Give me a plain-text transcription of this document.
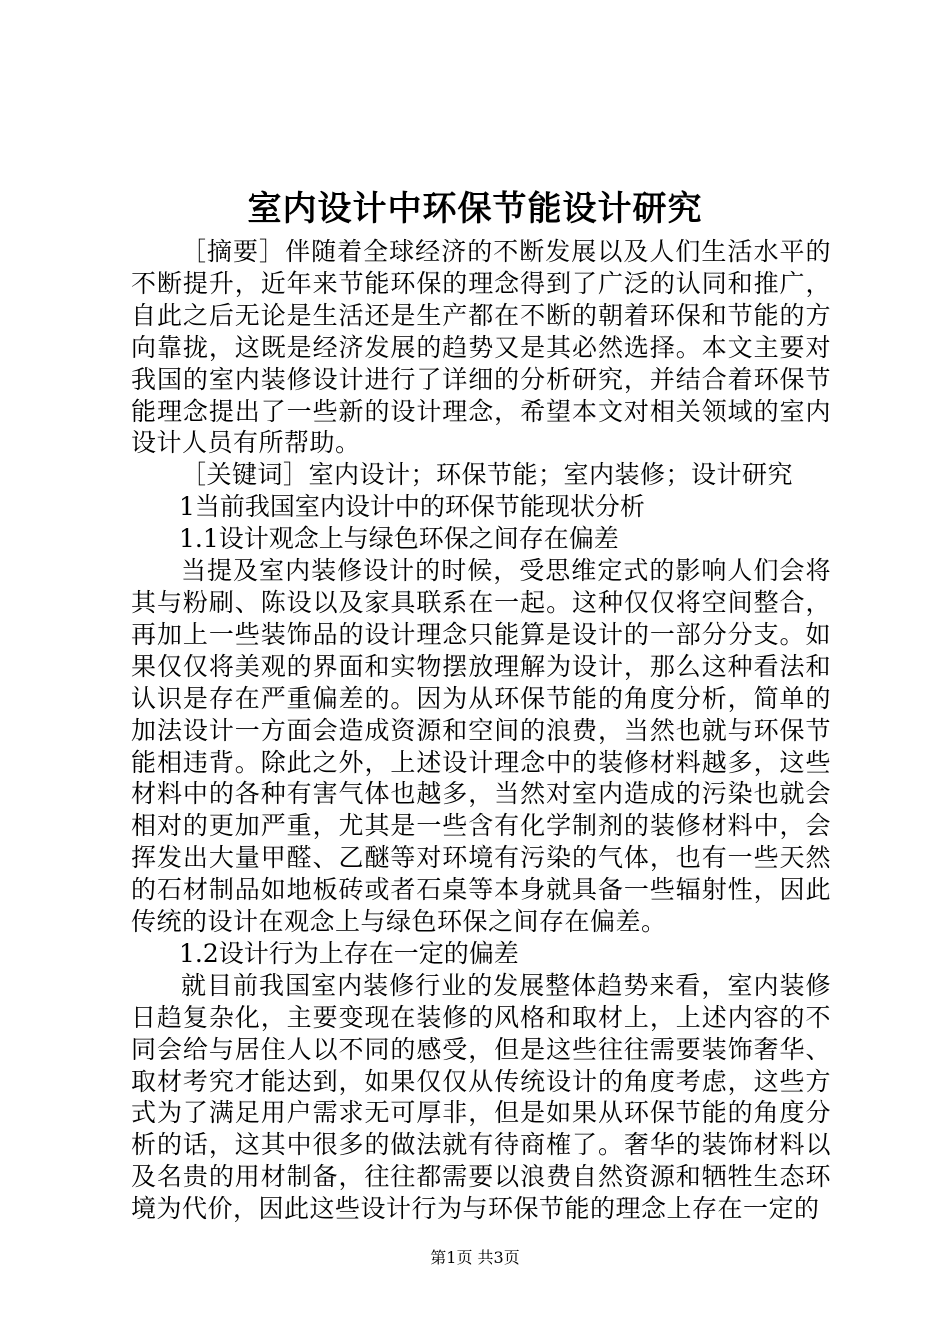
室内设计中环保节能设计研究

［摘要］伴随着全球经济的不断发展以及人们生活水平的不断提升，近年来节能环保的理念得到了广泛的认同和推广，自此之后无论是生活还是生产都在不断的朝着环保和节能的方向靠拢，这既是经济发展的趋势又是其必然选择。本文主要对我国的室内装修设计进行了详细的分析研究，并结合着环保节能理念提出了一些新的设计理念，希望本文对相关领域的室内设计人员有所帮助。

［关键词］室内设计；环保节能；室内装修；设计研究

1当前我国室内设计中的环保节能现状分析

1.1设计观念上与绿色环保之间存在偏差

当提及室内装修设计的时候，受思维定式的影响人们会将其与粉刷、陈设以及家具联系在一起。这种仅仅将空间整合，再加上一些装饰品的设计理念只能算是设计的一部分分支。如果仅仅将美观的界面和实物摆放理解为设计，那么这种看法和认识是存在严重偏差的。因为从环保节能的角度分析，简单的加法设计一方面会造成资源和空间的浪费，当然也就与环保节能相违背。除此之外，上述设计理念中的装修材料越多，这些材料中的各种有害气体也越多，当然对室内造成的污染也就会相对的更加严重，尤其是一些含有化学制剂的装修材料中，会挥发出大量甲醛、乙醚等对环境有污染的气体，也有一些天然的石材制品如地板砖或者石桌等本身就具备一些辐射性，因此传统的设计在观念上与绿色环保之间存在偏差。

1.2设计行为上存在一定的偏差

就目前我国室内装修行业的发展整体趋势来看，室内装修日趋复杂化，主要变现在装修的风格和取材上，上述内容的不同会给与居住人以不同的感受，但是这些往往需要装饰奢华、取材考究才能达到，如果仅仅从传统设计的角度考虑，这些方式为了满足用户需求无可厚非，但是如果从环保节能的角度分析的话，这其中很多的做法就有待商榷了。奢华的装饰材料以及名贵的用材制备，往往都需要以浪费自然资源和牺牲生态环境为代价，因此这些设计行为与环保节能的理念上存在一定的

第1页 共3页
